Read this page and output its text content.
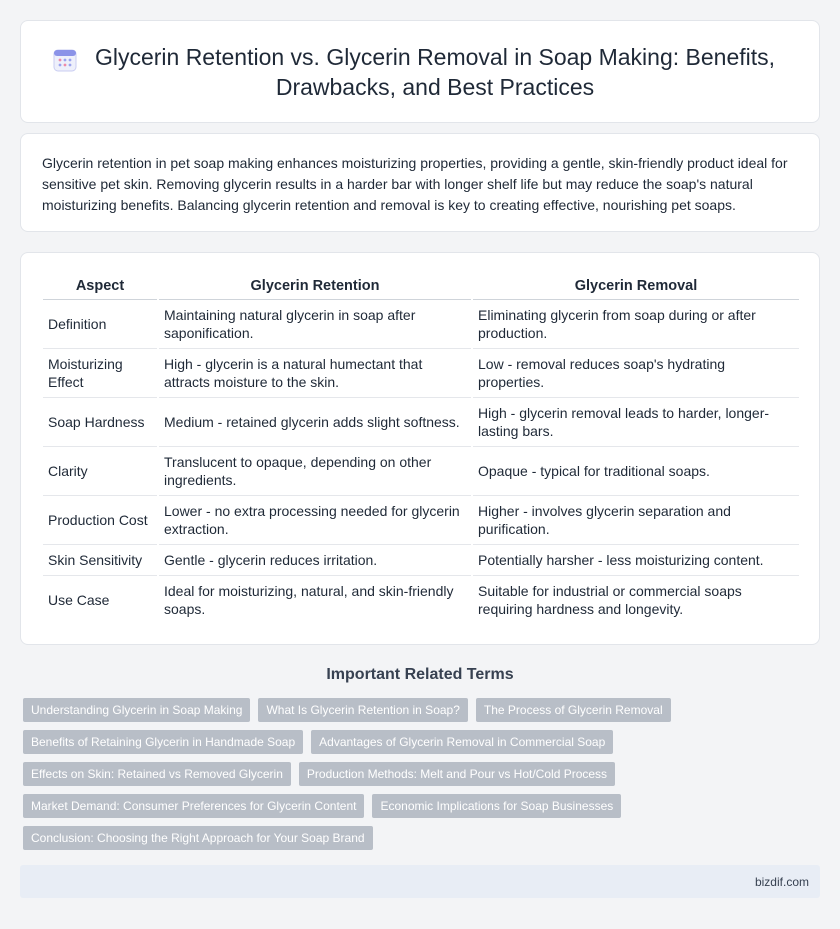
Glycerin Retention vs. Glycerin Removal in Soap Making: Benefits, Drawbacks, and Best Practices

Glycerin retention in pet soap making enhances moisturizing properties, providing a gentle, skin-friendly product ideal for sensitive pet skin. Removing glycerin results in a harder bar with longer shelf life but may reduce the soap's natural moisturizing benefits. Balancing glycerin retention and removal is key to creating effective, nourishing pet soaps.

Aspect	Glycerin Retention	Glycerin Removal
Definition	Maintaining natural glycerin in soap after saponification.	Eliminating glycerin from soap during or after production.
Moisturizing Effect	High - glycerin is a natural humectant that attracts moisture to the skin.	Low - removal reduces soap's hydrating properties.
Soap Hardness	Medium - retained glycerin adds slight softness.	High - glycerin removal leads to harder, longer-lasting bars.
Clarity	Translucent to opaque, depending on other ingredients.	Opaque - typical for traditional soaps.
Production Cost	Lower - no extra processing needed for glycerin extraction.	Higher - involves glycerin separation and purification.
Skin Sensitivity	Gentle - glycerin reduces irritation.	Potentially harsher - less moisturizing content.
Use Case	Ideal for moisturizing, natural, and skin-friendly soaps.	Suitable for industrial or commercial soaps requiring hardness and longevity.
Important Related Terms
Understanding Glycerin in Soap Making	What Is Glycerin Retention in Soap?	The Process of Glycerin Removal
Benefits of Retaining Glycerin in Handmade Soap	Advantages of Glycerin Removal in Commercial Soap
Effects on Skin: Retained vs Removed Glycerin	Production Methods: Melt and Pour vs Hot/Cold Process
Market Demand: Consumer Preferences for Glycerin Content	Economic Implications for Soap Businesses
Conclusion: Choosing the Right Approach for Your Soap Brand
bizdif.com
